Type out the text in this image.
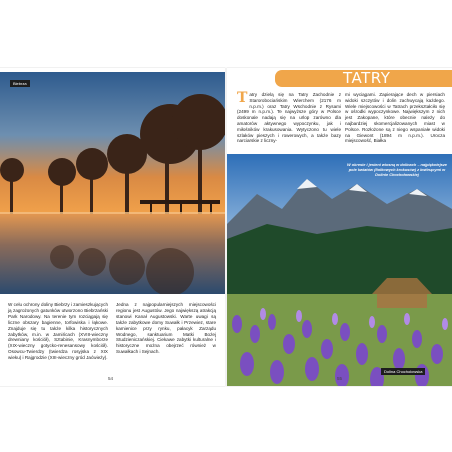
Biebrza
W celu ochrony doliny Biebrzy i zamieszkujących ją zagrożonych gatunków utworzono Biebrzański Park Narodowy. Na terenie tym rozciągają się liczne obszary bagienne, torfowiska i łąkowe. Znajduje się tu także kilka historycznych zabytków, m.in. w Jamińcach (XVIII-wieczny drewniany kościół), Sztabinie, Krasnymborze (XIX-wieczny gotycko-renesansowy kościół). Osowcu-Twierdzy (twierdza rosyjska z XIX wieku) i Rajgrodzie (XIII-wieczny gród Jaćwieży).
Jedna z najpopularniejszych miejscowości regionu jest Augustów. Jego największą atrakcją stanowi Kanał Augustowski. Warte uwagi są także zabytkowe domy Suwałk i Przewiez, stare kamienice przy rynku, pałacyk Zarządu Wodnego, sanktuarium Matki Bożej Studzieniczańskiej. Ciekawe zabytki kulturalne i historyczne można obejrzeć również w Suwałkach i Sejnach.
54
TATRY
Tatry dzielą się na Tatry Zachodnie z Starorobociańskim Wierchem (2176 m n.p.m.) oraz Tatry Wschodnie z Rysami (2499 m n.p.m.). Te najwyższe góry w Polsce doskonale nadają się na urlop zarówno dla amatorów aktywnego wypoczynku, jak i miłośników krakusowania. Wytyczono tu wiele szlaków pieszych i rowerowych, a także bazy narciarskie z liczny-
mi wyciągami. Zapierające dech w piersiach widoki szczytów i dolin zachwycają każdego. Wiele miejscowości w Tatrach przekształciło się w ośrodki wypoczynkowe. Największym z nich jest Zakopane, które obecnie należy do najbardziej skomercjalizowanych miast w Polsce. Rozłożone są z niego wspaniałe widoki na Giewont (1894 m n.p.m.). Urocza miejscowość, Białka
W okresie i jesieni wiosną w dolinach – najpiękniejsze pole kwiatów (fiołkowych krokusów) z kwitnącymi w Dolinie Chochołowskiej
Dolina Chochołowska
55
